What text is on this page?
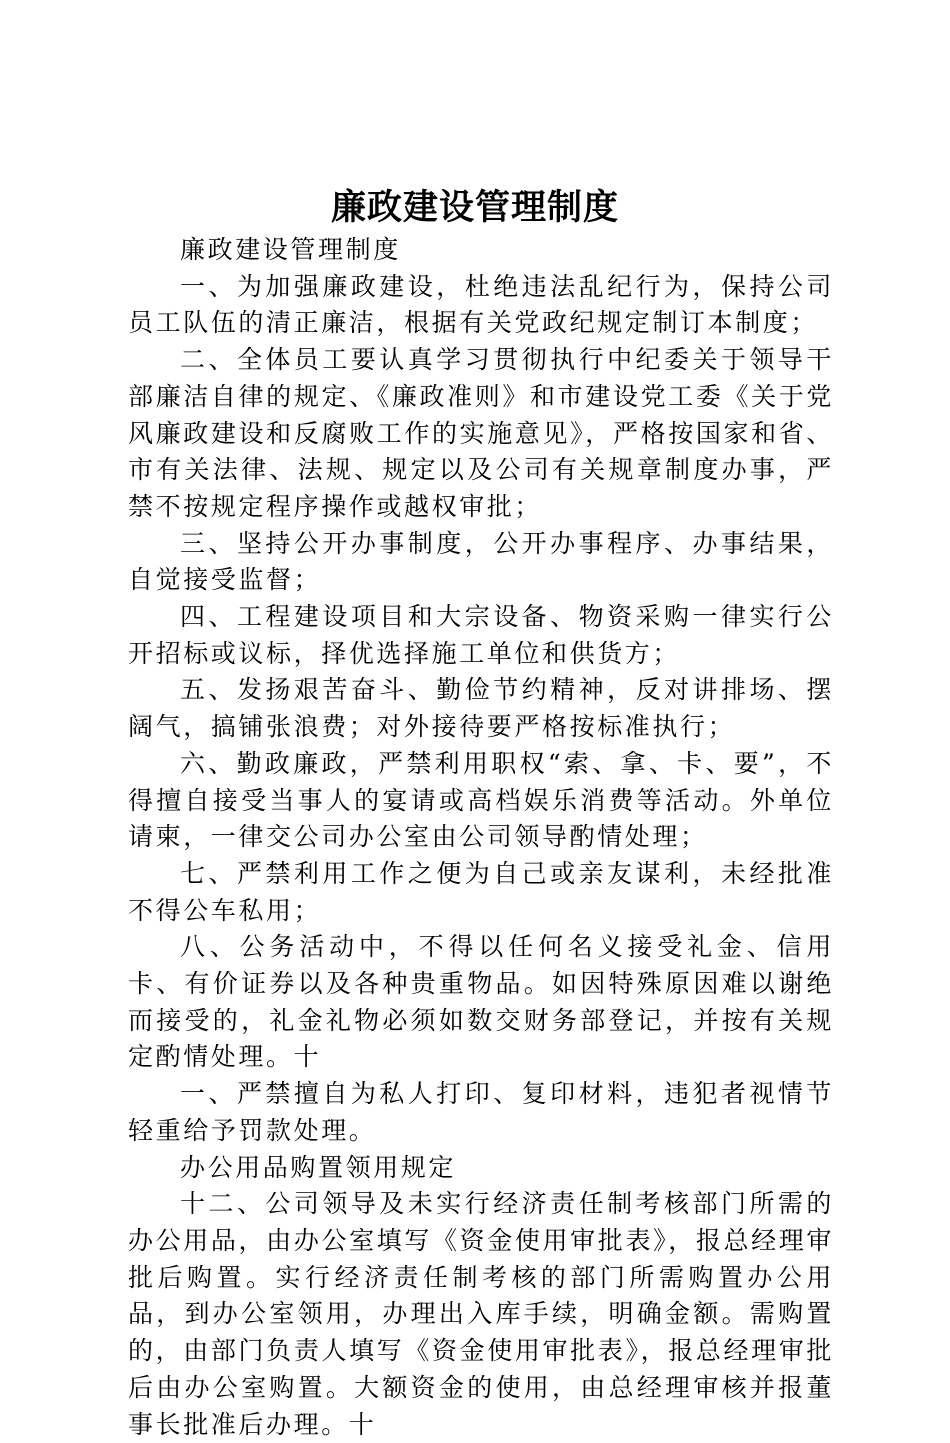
廉政建设管理制度

廉政建设管理制度

一、为加强廉政建设，杜绝违法乱纪行为，保持公司员工队伍的清正廉洁，根据有关党政纪规定制订本制度；

二、全体员工要认真学习贯彻执行中纪委关于领导干部廉洁自律的规定、《廉政准则》和市建设党工委《关于党风廉政建设和反腐败工作的实施意见》，严格按国家和省、市有关法律、法规、规定以及公司有关规章制度办事，严禁不按规定程序操作或越权审批；

三、坚持公开办事制度，公开办事程序、办事结果，自觉接受监督；

四、工程建设项目和大宗设备、物资采购一律实行公开招标或议标，择优选择施工单位和供货方；

五、发扬艰苦奋斗、勤俭节约精神，反对讲排场、摆阔气，搞铺张浪费；对外接待要严格按标准执行；

六、勤政廉政，严禁利用职权“索、拿、卡、要”，不得擅自接受当事人的宴请或高档娱乐消费等活动。外单位请柬，一律交公司办公室由公司领导酌情处理；

七、严禁利用工作之便为自己或亲友谋利，未经批准不得公车私用；

八、公务活动中，不得以任何名义接受礼金、信用卡、有价证券以及各种贵重物品。如因特殊原因难以谢绝而接受的，礼金礼物必须如数交财务部登记，并按有关规定酌情处理。十

一、严禁擅自为私人打印、复印材料，违犯者视情节轻重给予罚款处理。

办公用品购置领用规定

十二、公司领导及未实行经济责任制考核部门所需的办公用品，由办公室填写《资金使用审批表》，报总经理审批后购置。实行经济责任制考核的部门所需购置办公用品，到办公室领用，办理出入库手续，明确金额。需购置的，由部门负责人填写《资金使用审批表》，报总经理审批后由办公室购置。大额资金的使用，由总经理审核并报董事长批准后办理。十
